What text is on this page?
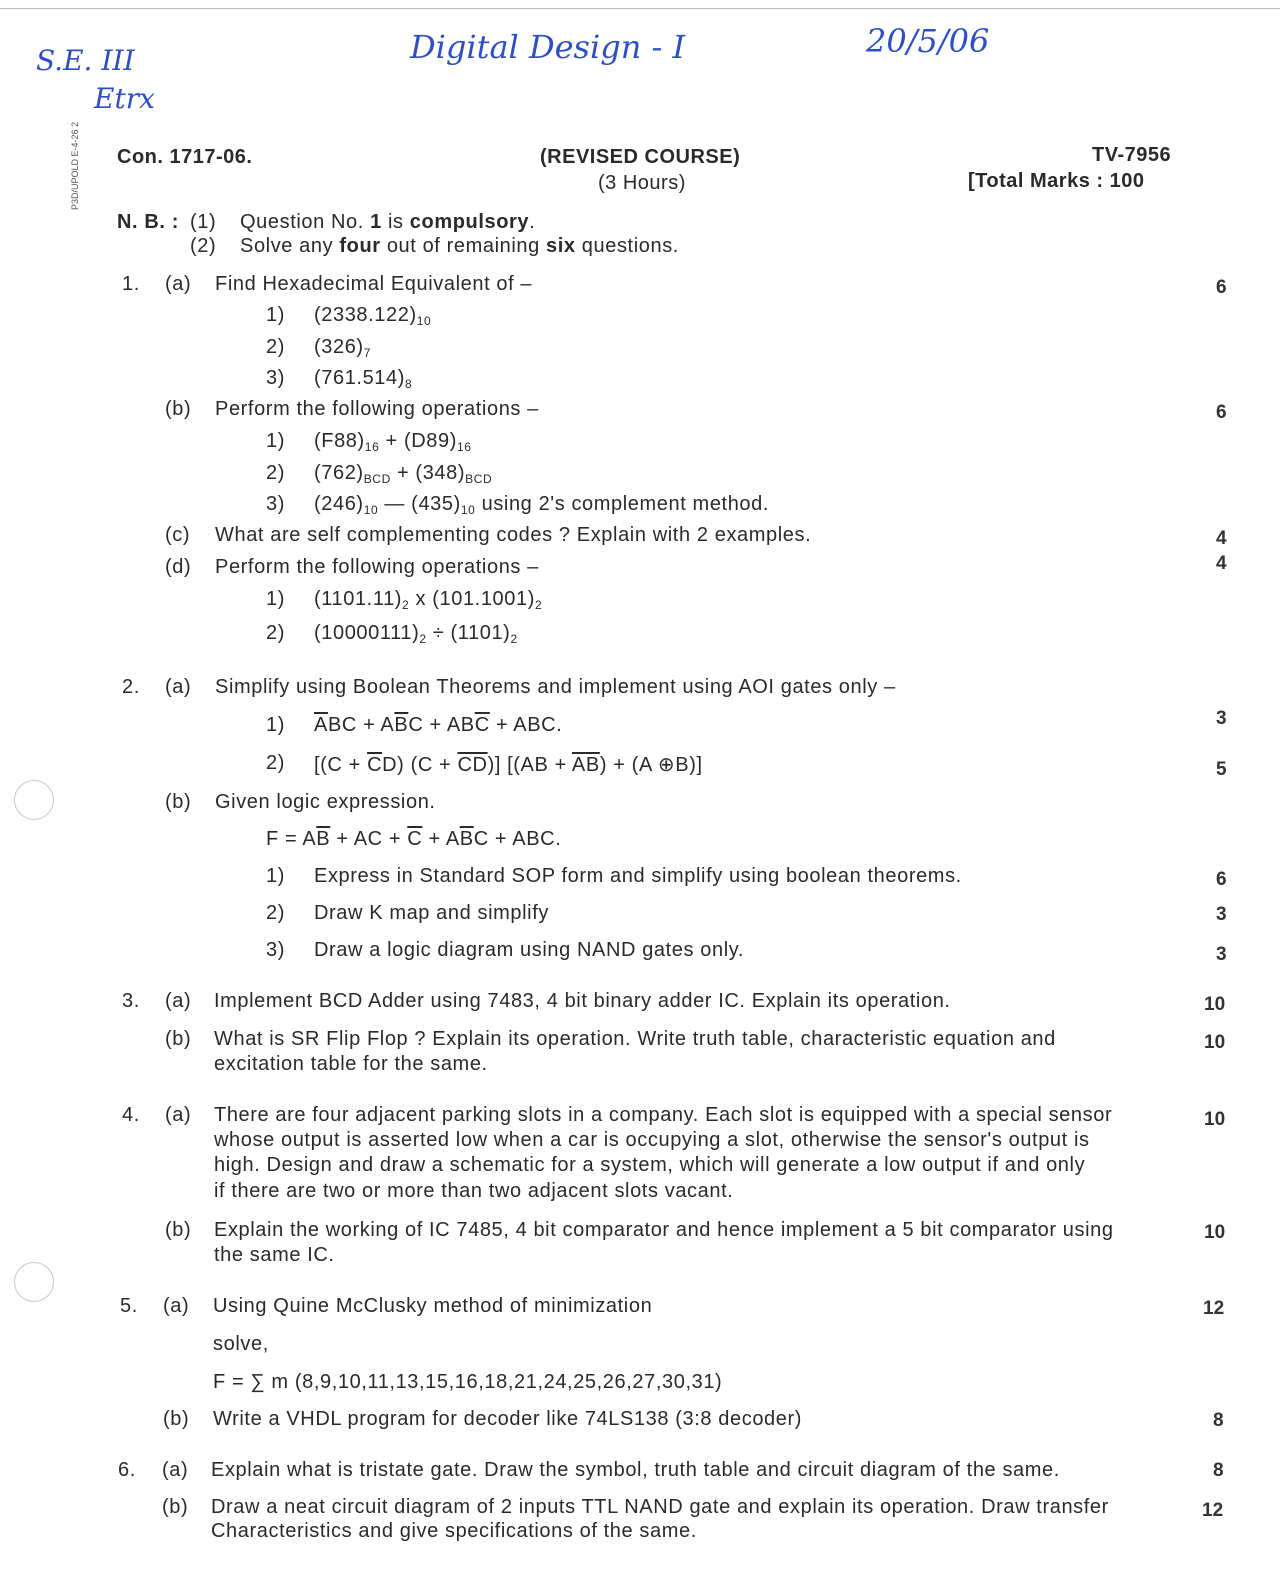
S.E. III
Etrx
Digital Design - I	20/5/06
P3D/UPOLD E-4-26 2 Con. 1717-06.	(REVISED COURSE)
(3 Hours)
TV-7956
[Total Marks : 100
N. B. : (1) Question No. 1 is compulsory.
(2) Solve any four out of remaining six questions.
1. (a) Find Hexadecimal Equivalent of –	6
1) $(2338.122)_{10}$
2) $(326)_7$
3) $(761.514)_8$
(b) Perform the following operations –	6
1) $(F88)_{16} + (D89)_{16}$
2) $(762)_{BCD} + (348)_{BCD}$
3) $(246)_{10}$ — $(435)_{10}$ using 2's complement method.
(c) What are self complementing codes ? Explain with 2 examples.	4
(d) Perform the following operations –	4
1) $(1101.11)_2$ x $(101.1001)_2$
2) $(10000111)_2 \div (1101)_2$
2. (a) Simplify using Boolean Theorems and implement using AOI gates only –
1) $\overline{A}BC + A\overline{B}C + AB\overline{C}$ + ABC.	3
2) [$(C + \overline{C}D)$ $(C + \overline{CD})$] [$(AB + \overline{A}\overline{B}) + (A$ ⊕B)]	5
(b) Given logic expression.
$F = A\overline{B}$ + AC + $\overline{C} + A\overline{B}C$ + ABC.
1) Express in Standard SOP form and simplify using boolean theorems.	6
2) Draw K map and simplify	3
3) Draw a logic diagram using NAND gates only.	3
3. (a) Implement BCD Adder using 7483, 4 bit binary adder IC. Explain its operation.	10
(b) What is SR Flip Flop ? Explain its operation. Write truth table, characteristic equation and
excitation table for the same.
10
4. (a) There are four adjacent parking slots in a company. Each slot is equipped with a special sensor
whose output is asserted low when a car is occupying a slot, otherwise the sensor's output is
high. Design and draw a schematic for a system, which will generate a low output if and only
if there are two or more than two adjacent slots vacant.
10
(b) Explain the working of IC 7485, 4 bit comparator and hence implement a 5 bit comparator using
the same IC.
10
5. (a) Using Quine McClusky method of minimization	12
solve,
F = ∑ m (8,9,10,11,13,15,16,18,21,24,25,26,27,30,31)
(b) Write a VHDL program for decoder like 74LS138 (3:8 decoder)	8
6. (a) Explain what is tristate gate. Draw the symbol, truth table and circuit diagram of the same.	8
(b) Draw a neat circuit diagram of 2 inputs TTL NAND gate and explain its operation. Draw transfer
Characteristics and give specifications of the same.
12
